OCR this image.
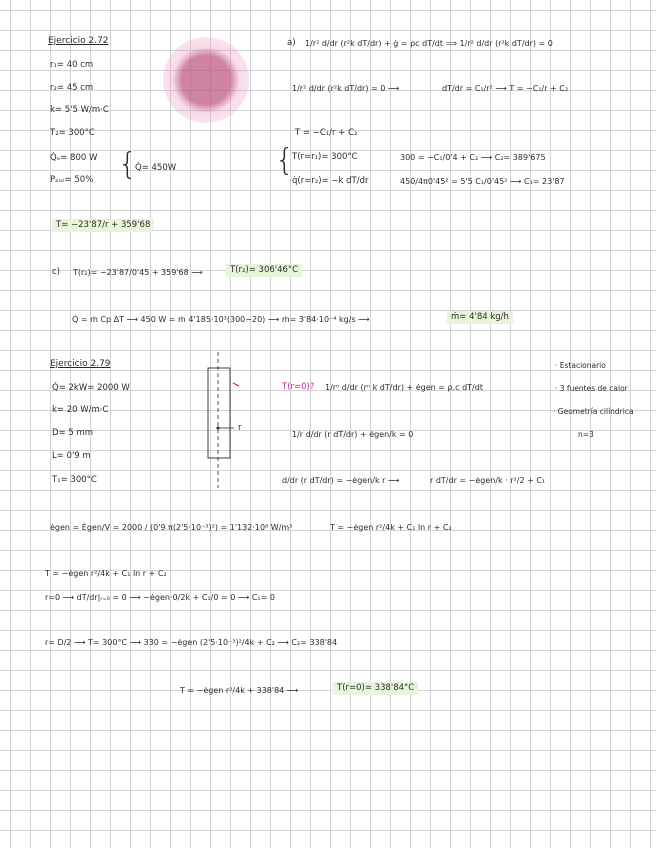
Ejercicio 2.72
r₁= 40 cm
r₂= 45 cm
k= 5'5 W/m·C
T₂= 300°C
Q̇ₑ= 800 W
Pₐᵢₛₗ= 50% {
Q̇= 450W
a) 1/r² d/dr (r²k dT/dr) + ġ = ρc dT/dt ⟹ 1/r² d/dr (r²k dT/dr) = 0
1/r² d/dr (r²k dT/dr) = 0 ⟶	dT/dr = C₁/r² ⟶ T = −C₁/r + C₂
T = −C₁/r + C₂
{
T(r=r₁)= 300°C	300 = −C₁/0'4 + C₂ ⟶ C₂= 389'675
q̇(r=r₂)= −k dT/dr	450/4π0'45² = 5'5 C₁/0'45² ⟶ C₁= 23'87
T= −23'87/r + 359'68
c) T(r₂)= −23'87/0'45 + 359'68 ⟶	T(r₂)= 306'46°C
Q̇ = ṁ Cp ΔT ⟶ 450 W = ṁ 4'185·10³(300−20) ⟶ ṁ= 3'84·10⁻⁴ kg/s ⟶	ṁ= 4'84 kg/h
Ejercicio 2.79
Q̇= 2kW= 2000 W
k= 20 W/m·C
D= 5 mm
L= 0'9 m
T₁= 300°C
r
T(r=0)? 1/rⁿ d/dr (rⁿ k dT/dr) + ėgen = ρ.c dT/dt
· Estacionario
· 3 fuentes de calor
· Geometría cilíndrica
n=3
1/r d/dr (r dT/dr) + ėgen/k = 0
d/dr (r dT/dr) = −ėgen/k r ⟶	r dT/dr = −ėgen/k · r²/2 + C₁
ėgen = Ėgen/V = 2000 / (0'9 π(2'5·10⁻³)²) = 1'132·10⁸ W/m³	T = −ėgen r²/4k + C₁ ln r + C₂
T = −ėgen r²/4k + C₁ ln r + C₂
r=0 ⟶ dT/dr|ᵣ₌₀ = 0 ⟶ −ėgen·0/2k + C₁/0 = 0 ⟶ C₁= 0
r= D/2 ⟶ T= 300°C ⟶ 330 = −ėgen (2'5·10⁻³)²/4k + C₂ ⟶ C₂= 338'84
T = −ėgen r²/4k + 338'84 ⟶	T(r=0)= 338'84°C
